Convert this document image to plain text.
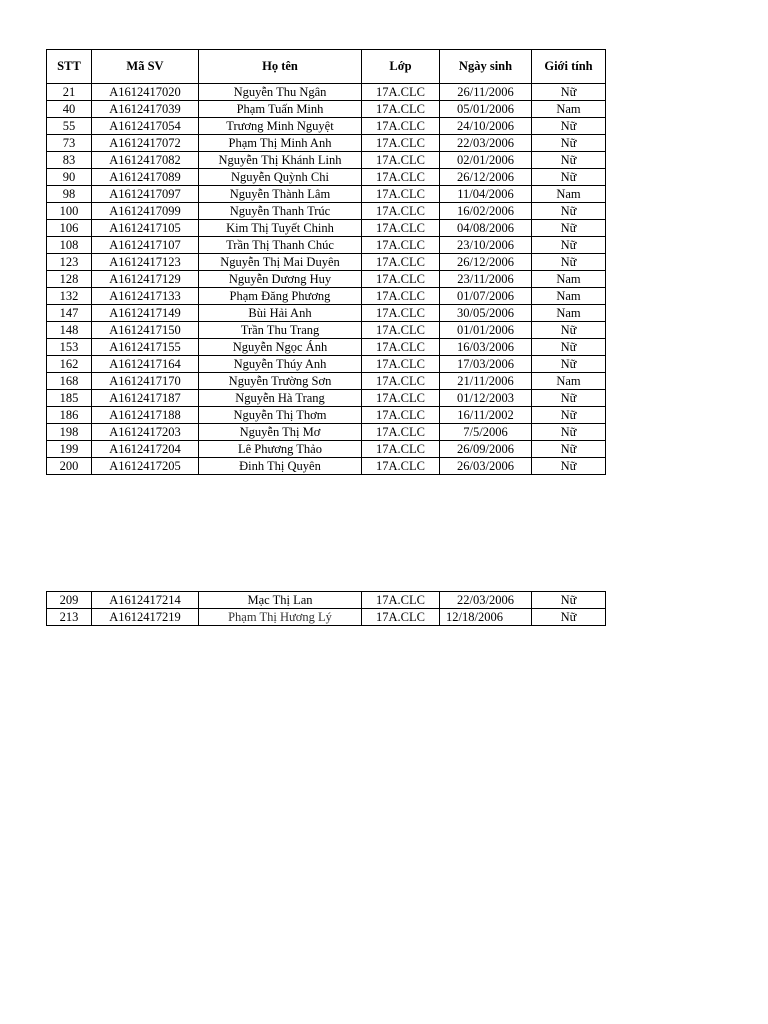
STT	Mã SV	Họ tên	Lớp	Ngày sinh	Giới tính
21	A1612417020	Nguyễn Thu Ngân	17A.CLC	26/11/2006	Nữ
40	A1612417039	Phạm Tuấn Minh	17A.CLC	05/01/2006	Nam
55	A1612417054	Trương Minh Nguyệt	17A.CLC	24/10/2006	Nữ
73	A1612417072	Phạm Thị Minh Anh	17A.CLC	22/03/2006	Nữ
83	A1612417082	Nguyễn Thị Khánh Linh	17A.CLC	02/01/2006	Nữ
90	A1612417089	Nguyễn Quỳnh Chi	17A.CLC	26/12/2006	Nữ
98	A1612417097	Nguyễn Thành Lâm	17A.CLC	11/04/2006	Nam
100	A1612417099	Nguyễn Thanh Trúc	17A.CLC	16/02/2006	Nữ
106	A1612417105	Kim Thị Tuyết Chinh	17A.CLC	04/08/2006	Nữ
108	A1612417107	Trần Thị Thanh Chúc	17A.CLC	23/10/2006	Nữ
123	A1612417123	Nguyễn Thị Mai Duyên	17A.CLC	26/12/2006	Nữ
128	A1612417129	Nguyễn Dương Huy	17A.CLC	23/11/2006	Nam
132	A1612417133	Phạm Đăng Phương	17A.CLC	01/07/2006	Nam
147	A1612417149	Bùi Hải Anh	17A.CLC	30/05/2006	Nam
148	A1612417150	Trần Thu Trang	17A.CLC	01/01/2006	Nữ
153	A1612417155	Nguyễn Ngọc Ánh	17A.CLC	16/03/2006	Nữ
162	A1612417164	Nguyễn Thúy Anh	17A.CLC	17/03/2006	Nữ
168	A1612417170	Nguyễn Trường Sơn	17A.CLC	21/11/2006	Nam
185	A1612417187	Nguyễn Hà Trang	17A.CLC	01/12/2003	Nữ
186	A1612417188	Nguyễn Thị Thơm	17A.CLC	16/11/2002	Nữ
198	A1612417203	Nguyễn Thị Mơ	17A.CLC	7/5/2006	Nữ
199	A1612417204	Lê Phương Thảo	17A.CLC	26/09/2006	Nữ
200	A1612417205	Đinh Thị Quyên	17A.CLC	26/03/2006	Nữ
209	A1612417214	Mạc Thị Lan	17A.CLC	22/03/2006	Nữ
213	A1612417219	Phạm Thị Hương Lý	17A.CLC	12/18/2006	Nữ
